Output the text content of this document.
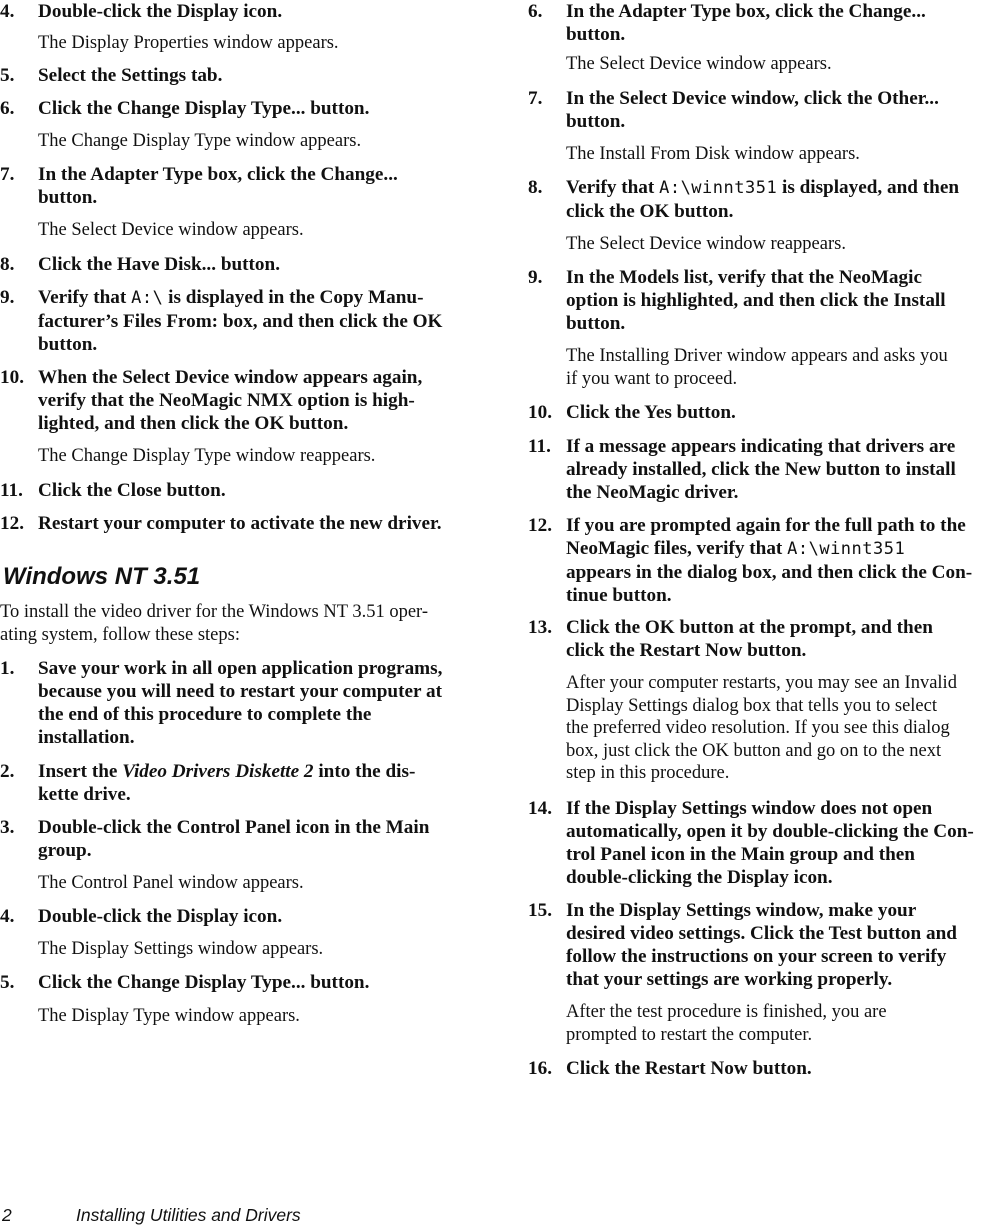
4. Double-click the Display icon.
The Display Properties window appears.
5. Select the Settings tab.
6. Click the Change Display Type... button.
The Change Display Type window appears.
7. In the Adapter Type box, click the Change...
button.
The Select Device window appears.
8. Click the Have Disk... button.
9. Verify that A:\ is displayed in the Copy Manu-
facturer’s Files From: box, and then click the OK
button.
10. When the Select Device window appears again,
verify that the NeoMagic NMX option is high-
lighted, and then click the OK button.
The Change Display Type window reappears.
11. Click the Close button.
12. Restart your computer to activate the new driver.
Windows NT 3.51
To install the video driver for the Windows NT 3.51 oper-
ating system, follow these steps:
1. Save your work in all open application programs,
because you will need to restart your computer at
the end of this procedure to complete the
installation.
2. Insert the Video Drivers Diskette 2 into the dis-
kette drive.
3. Double-click the Control Panel icon in the Main
group.
The Control Panel window appears.
4. Double-click the Display icon.
The Display Settings window appears.
5. Click the Change Display Type... button.
The Display Type window appears.
6. In the Adapter Type box, click the Change...
button.
The Select Device window appears.
7. In the Select Device window, click the Other...
button.
The Install From Disk window appears.
8. Verify that A:\winnt351 is displayed, and then
click the OK button.
The Select Device window reappears.
9. In the Models list, verify that the NeoMagic
option is highlighted, and then click the Install
button.
The Installing Driver window appears and asks you
if you want to proceed.
10. Click the Yes button.
11. If a message appears indicating that drivers are
already installed, click the New button to install
the NeoMagic driver.
12. If you are prompted again for the full path to the
NeoMagic files, verify that A:\winnt351
appears in the dialog box, and then click the Con-
tinue button.
13. Click the OK button at the prompt, and then
click the Restart Now button.
After your computer restarts, you may see an Invalid
Display Settings dialog box that tells you to select
the preferred video resolution. If you see this dialog
box, just click the OK button and go on to the next
step in this procedure.
14. If the Display Settings window does not open
automatically, open it by double-clicking the Con-
trol Panel icon in the Main group and then
double-clicking the Display icon.
15. In the Display Settings window, make your
desired video settings. Click the Test button and
follow the instructions on your screen to verify
that your settings are working properly.
After the test procedure is finished, you are
prompted to restart the computer.
16. Click the Restart Now button.
2	Installing Utilities and Drivers
